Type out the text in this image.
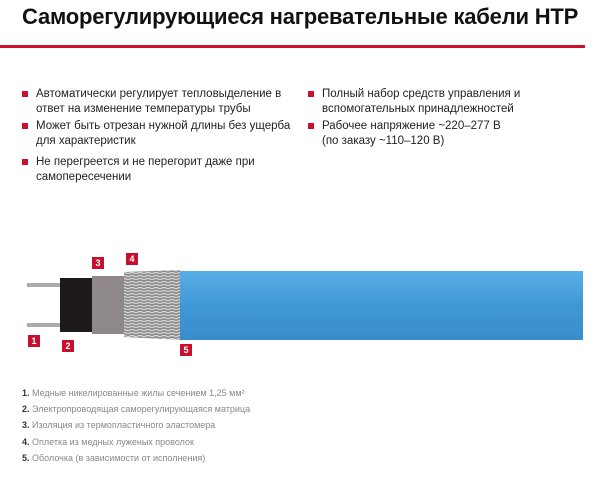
Саморегулирующиеся нагревательные кабели НТР
Автоматически регулирует тепловыделение в ответ на изменение температуры трубы
Может быть отрезан нужной длины без ущерба для характеристик
Не перегреется и не перегорит даже при самопересечении
Полный набор средств управления и вспомогательных принадлежностей
Рабочее напряжение ~220–277 В (по заказу ~110–120 В)
1	2
3	4
5
1. Медные никелированные жилы сечением 1,25 мм²
2. Электропроводящая саморегулирующаяся матрица
3. Изоляция из термопластичного эластомера
4. Оплетка из медных луженых проволок
5. Оболочка (в зависимости от исполнения)
